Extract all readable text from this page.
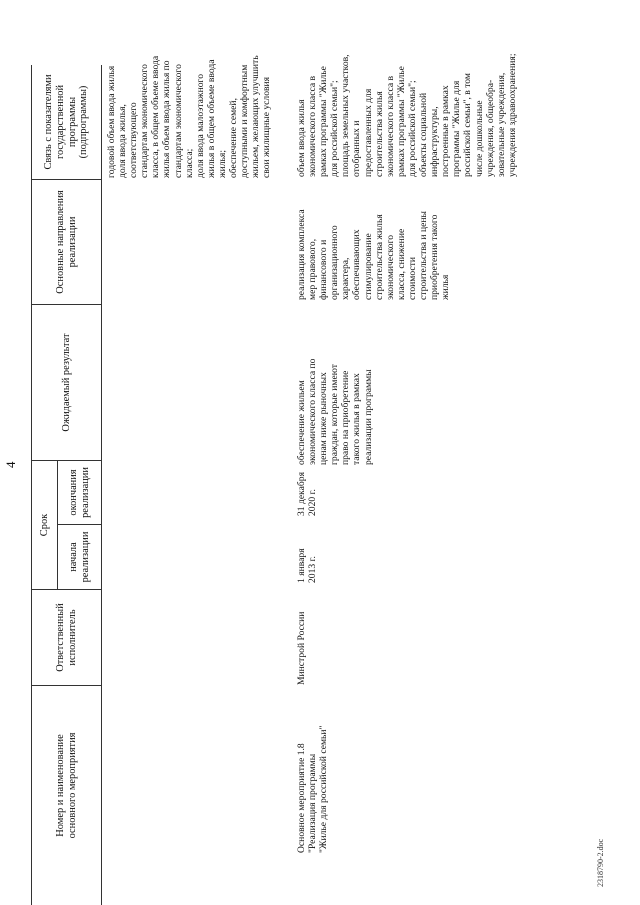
4
Номер и наименование
основного мероприятия
Ответственный
исполнитель
Срок
начала
реализации
окончания
реализации
Ожидаемый результат
Основные направления
реализации
Связь с показателями
государственной программы
(подпрограммы)
годовой объем ввода жилья
доля ввода жилья,
соответствующего
стандартам экономического
класса, в общем объеме ввода
жилья объем ввода жилья по
стандартам экономического
класса;
доля ввода малоэтажного
жилья в общем объеме ввода
жилья;
обеспечение семей,
доступными и комфортным
жильем, желающих улучшить
свои жилищные условия
Основное мероприятие 1.8
"Реализация программы
"Жилье для российской семьи"
Минстрой России
1 января
2013 г.
31 декабря
2020 г.
обеспечение жильем
экономического класса по
ценам ниже рыночных
граждан, которые имеют
право на приобретение
такого жилья в рамках
реализации программы
реализация комплекса
мер правового,
финансового и
организационного
характера,
обеспечивающих
стимулирование
строительства жилья
экономического
класса, снижение
стоимости
строительства и цены
приобретения такого
жилья
объем ввода жилья
экономического класса в
рамках программы "Жилье
для российской семьи";
площадь земельных участков,
отобранных и
предоставленных для
строительства жилья
экономического класса в
рамках программы "Жилье
для российской семьи";
объекты социальной
инфраструктуры,
построенные в рамках
программы "Жилье для
российской семьи", в том
числе дошкольные
учреждения, общеобра-
зовательные учреждения,
учреждения здравоохранения;
2318790-2.doc
